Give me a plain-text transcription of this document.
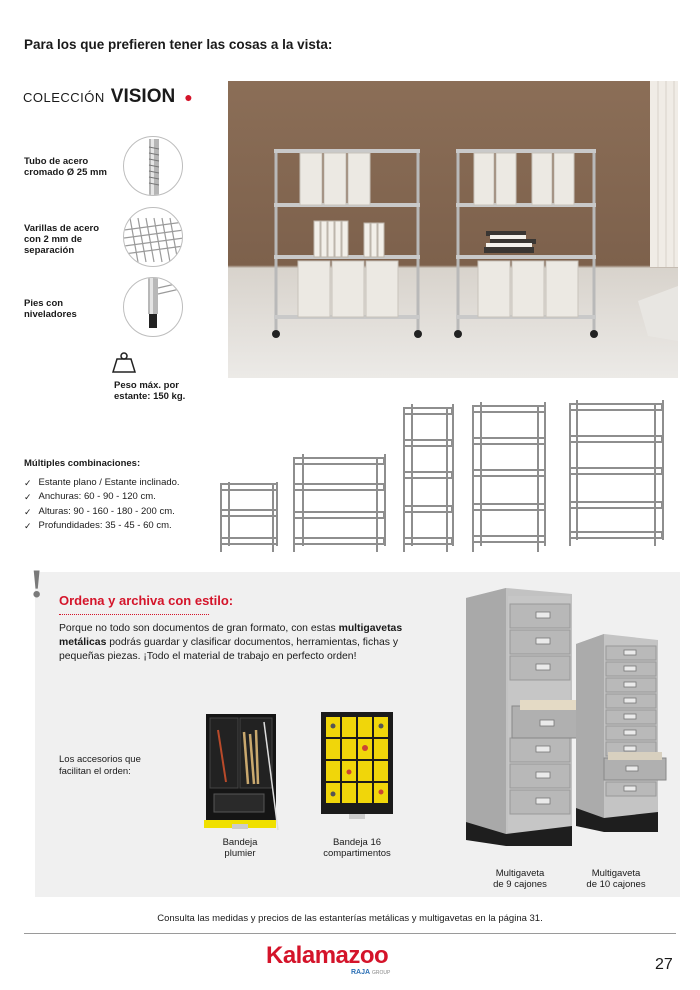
Para los que prefieren tener las cosas a la vista:
COLECCIÓN VISION ●
Tubo de acero
cromado Ø 25 mm
Varillas de acero
con 2 mm de
separación
Pies con
niveladores
Peso máx. por
estante: 150 kg.
Múltiples combinaciones:
✓ Estante plano / Estante inclinado.
✓ Anchuras: 60 - 90 - 120 cm.
✓ Alturas: 90 - 160 - 180 - 200 cm.
✓ Profundidades: 35 - 45 - 60 cm.
! Ordena y archiva con estilo:
Porque no todo son documentos de gran formato, con estas multigavetas metálicas podrás guardar y clasificar documentos, herramientas, fichas y pequeñas piezas. ¡Todo el material de trabajo en perfecto orden!
Los accesorios que
facilitan el orden:
Bandeja
plumier
Bandeja 16
compartimentos
Multigaveta
de 9 cajones
Multigaveta
de 10 cajones
Consulta las medidas y precios de las estanterías metálicas y multigavetas en la página 31.
Kalamazoo
RAJA GROUP	27
